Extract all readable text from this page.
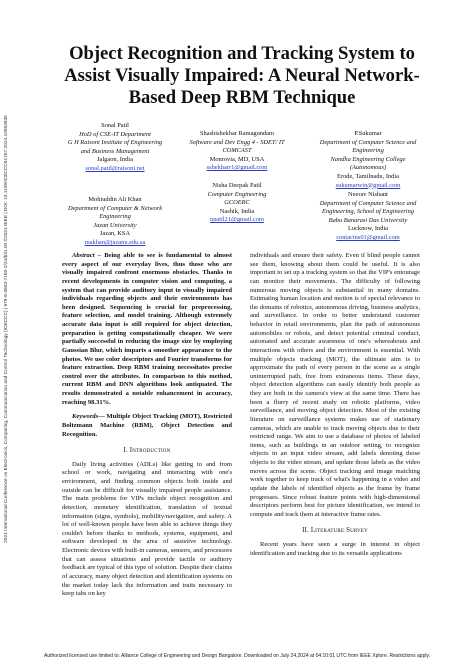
2024 International Conference on Electronics, Computing, Communication and Control Technology (ICECCC) | 979-8-3503-7180-2/24/$31.00 ©2024 IEEE | DOI: 10.1109/ICECCC61767.2024.10593935
Object Recognition and Tracking System to
Assist Visually Impaired: A Neural Network-
Based Deep RBM Technique
Sonal Patil
HoD of CSE-IT Department
G H Raisoni Institute of Engineering
and Business Management
Jalgaon, India
sonal.patil@raisoni.net
Shashishekhar Ramagundam
Software and Dev Engg 4 - SDET/ IT
COMCAST
Monrovia, MD, USA
sshekharr1@gmail.com
P.Sukumar
Department of Computer Science and
Engineering
Nandha Engineering College
(Autonomous)
Erode, Tamilnadu, India
sukumarwin@gmail.com
Mohiuddin Ali Khan
Department of Computer & Network
Engineering
Jazan University
Jazan, KSA
makhan@jazanu.edu.sa
Nisha Deepak Patil
Computer Engineering
GCOERC
Nashik, India
npatil21@gmail.com
Neerav Nishant
Department of Computer Science and
Engineering, School of Engineering
Babu Banarasi Das University
Lucknow, India
contactns01@gmail.com

Abstract – Being able to see is fundamental to almost every aspect of our everyday lives, thus those who are visually impaired confront enormous obstacles. Thanks to recent developments in computer vision and computing, a system that can provide auditory input to visually impaired individuals regarding objects and their environments has been designed. Sequencing is crucial for preprocessing, feature selection, and model training. Although extremely accurate data input is still required for object detection, preparation is getting computationally cheaper. We were partially successful in reducing the image size by employing Gaussian Blur, which imparts a smoother appearance to the photos. We use color descriptors and Fourier transforms for feature extraction. Deep RBM training necessitates precise control over the attributes. In comparison to this method, current RBM and DNN algorithms look antiquated. The results demonstrated a notable enhancement in accuracy, reaching 98.31%.

Keywords— Multiple Object Tracking (MOT), Restricted Boltzmann Machine (RBM), Object Detection and Recognition.

I. Introduction

Daily living activities (ADLs) like getting to and from school or work, navigating and interacting with one's environment, and finding common objects both inside and outside can be difficult for visually impaired people assistance. The main problems for VIPs include object recognition and detection, monetary identification, translation of textual information (signs, symbols), mobility/navigation, and safety. A lot of well-known people have been able to achieve things they couldn't before thanks to methods, systems, equipment, and software developed in the area of assistive technology. Electronic devices with built-in cameras, sensors, and processors that can assess situations and provide tactile or auditory feedback are typical of this type of solution. Despite their claims of accuracy, many object detection and identification systems on the market today lack the information and traits necessary to keep tabs on key

individuals and ensure their safety. Even if blind people cannot see them, knowing about them could be useful. It is also important to set up a tracking system so that the VIP's entourage can monitor their movements. The difficulty of following numerous moving objects is substantial in many domains. Estimating human location and motion is of special relevance to the domains of robotics, autonomous driving, business analytics, and surveillance. In order to better understand customer behavior in retail environments, plan the path of autonomous automobiles or robots, and detect potential criminal conduct, automated and accurate awareness of one's whereabouts and interactions with others and the environment is essential. With multiple objects tracking (MOT), the ultimate aim is to approximate the path of every person in the scene as a single uninterrupted path, free from extraneous items. These days, object detection algorithms can easily identify both people as they are both in the camera's view at the same time. There has been a flurry of recent study on robotic platforms, video surveillance, and moving object detection. Most of the existing literature on surveillance systems makes use of stationary cameras, which are unable to track moving objects due to their restricted range. We aim to use a database of photos of labeled items, such as buildings in an outdoor setting, to recognize objects in an input video stream, add labels denoting those objects to the video stream, and update those labels as the video moves across the scene. Object tracking and image matching work together to keep track of what's happening in a video and update the labels of identified objects as the frame by frame progresses. Since robust feature points with high-dimensional descriptors perform best for picture identification, we intend to compute and track them at interactive frame rates.

II. Literature Survey

Recent years have seen a surge in interest in object identification and tracking due to its versatile applications

Authorized licensed use limited to: Alliance College of Engineering and Design Bangalore. Downloaded on July 24,2024 at 04:10:01 UTC from IEEE Xplore. Restrictions apply.
